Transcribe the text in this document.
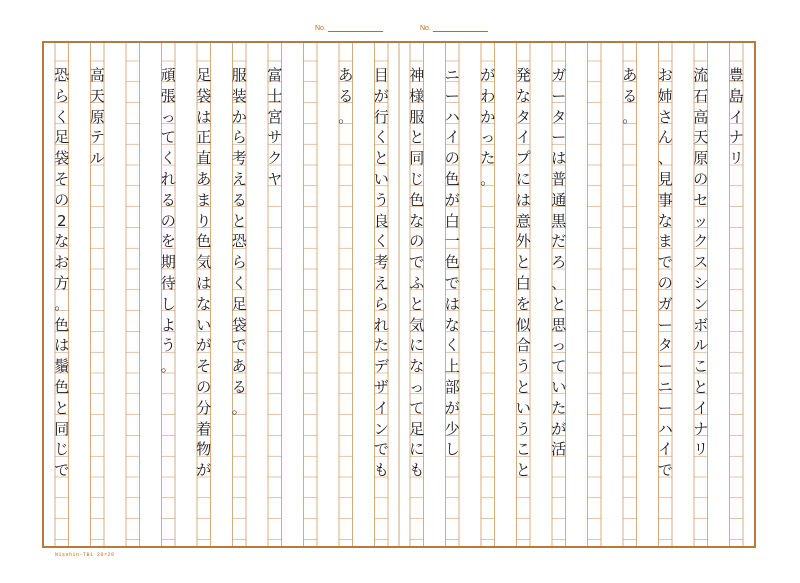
No.	No.
豊
島
イ
ナ
リ
流
石
高
天
原
の
セ
ッ
ク
ス
シ
ン
ボ
ル
こ
と
イ
ナ
リ
お
姉
さ
ん
、
見
事
な
ま
で
の
ガ
ー
タ
ー
ニ
ー
ハ
イ
で
あ
る
。
ガ
ー
タ
ー
は
普
通
黒
だ
ろ
、
と
思
っ
て
い
た
が
活
発
な
タ
イ
プ
に
は
意
外
と
白
を
似
合
う
と
い
う
こ
と
が
わ
か
っ
た
。
ニ
ー
ハ
イ
の
色
が
白
一
色
で
は
な
く
上
部
が
少
し
神
様
服
と
同
じ
色
な
の
で
ふ
と
気
に
な
っ
て
足
に
も
目
が
行
く
と
い
う
良
く
考
え
ら
れ
た
デ
ザ
イ
ン
で
も
あ
る
。
富
士
宮
サ
ク
ヤ
服
装
か
ら
考
え
る
と
恐
ら
く
足
袋
で
あ
る
。
足
袋
は
正
直
あ
ま
り
色
気
は
な
い
が
そ
の
分
着
物
が
頑
張
っ
て
く
れ
る
の
を
期
待
し
よ
う
。
高
天
原
テ
ル
恐
ら
く
足
袋
そ
の
2
な
お
方
。
色
は
鬚
色
と
同
じ
で
Nisshin-TB1 20×20
